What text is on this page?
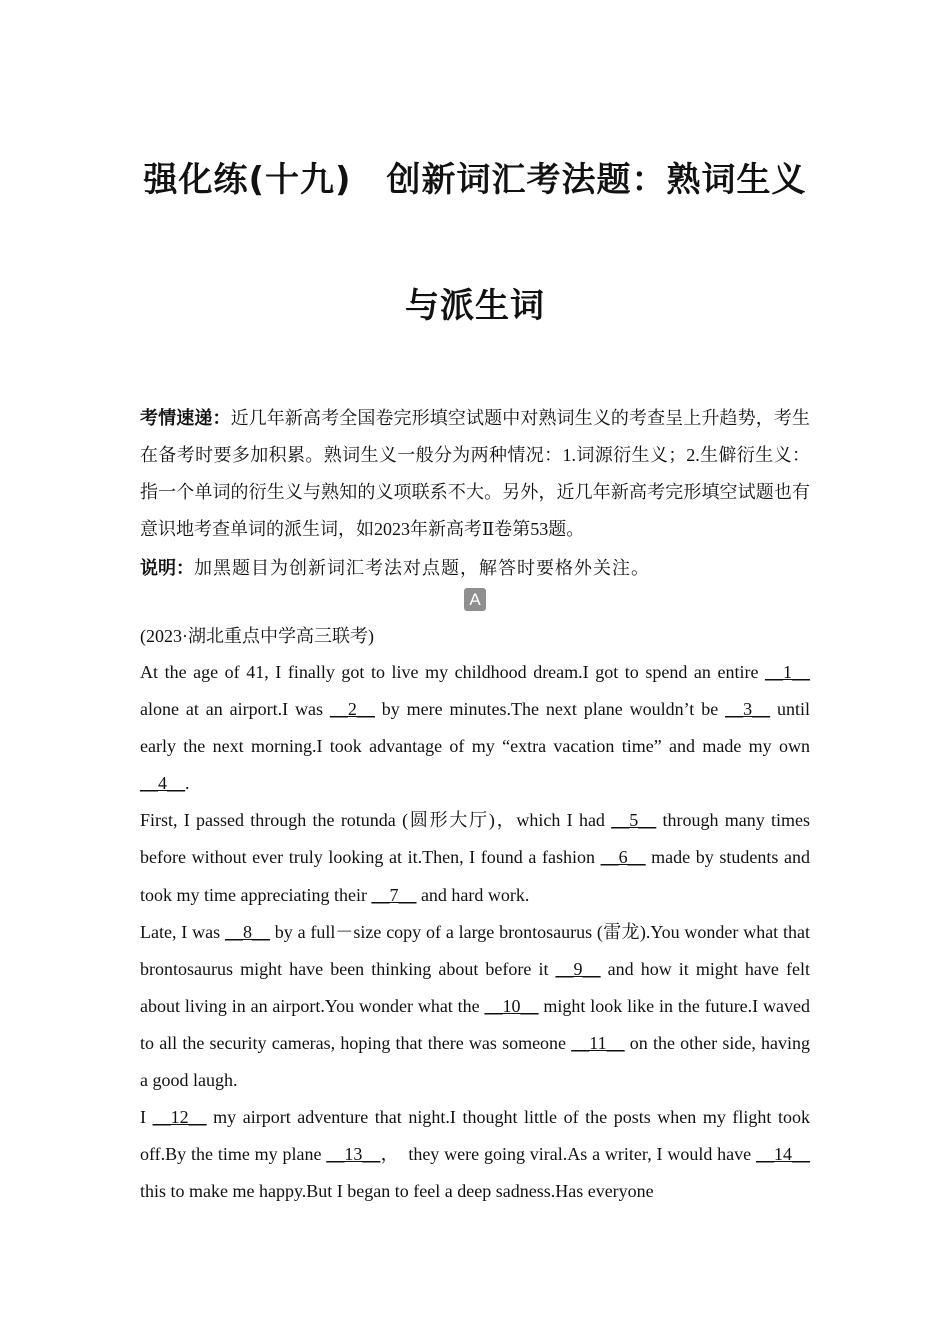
强化练(十九)　创新词汇考法题：熟词生义
与派生词
考情速递：近几年新高考全国卷完形填空试题中对熟词生义的考查呈上升趋势，考生在备考时要多加积累。熟词生义一般分为两种情况：1.词源衍生义；2.生僻衍生义：指一个单词的衍生义与熟知的义项联系不大。另外，近几年新高考完形填空试题也有意识地考查单词的派生词，如2023年新高考Ⅱ卷第53题。
说明：加黑题目为创新词汇考法对点题，解答时要格外关注。
A
(2023·湖北重点中学高三联考)

At the age of 41, I finally got to live my childhood dream.I got to spend an entire __1__ alone at an airport.I was __2__ by mere minutes.The next plane wouldn’t be __3__ until early the next morning.I took advantage of my “extra vacation time” and made my own __4__.

First, I passed through the rotunda (圆形大厅)，which I had __5__ through many times before without ever truly looking at it.Then, I found a fashion __6__ made by students and took my time appreciating their __7__ and hard work.

Late, I was __8__ by a full－size copy of a large brontosaurus (雷龙).You wonder what that brontosaurus might have been thinking about before it __9__ and how it might have felt about living in an airport.You wonder what the __10__ might look like in the future.I waved to all the security cameras, hoping that there was someone __11__ on the other side, having a good laugh.

I __12__ my airport adventure that night.I thought little of the posts when my flight took off.By the time my plane __13__，　they were going viral.As a writer, I would have __14__ this to make me happy.But I began to feel a deep sadness.Has everyone
